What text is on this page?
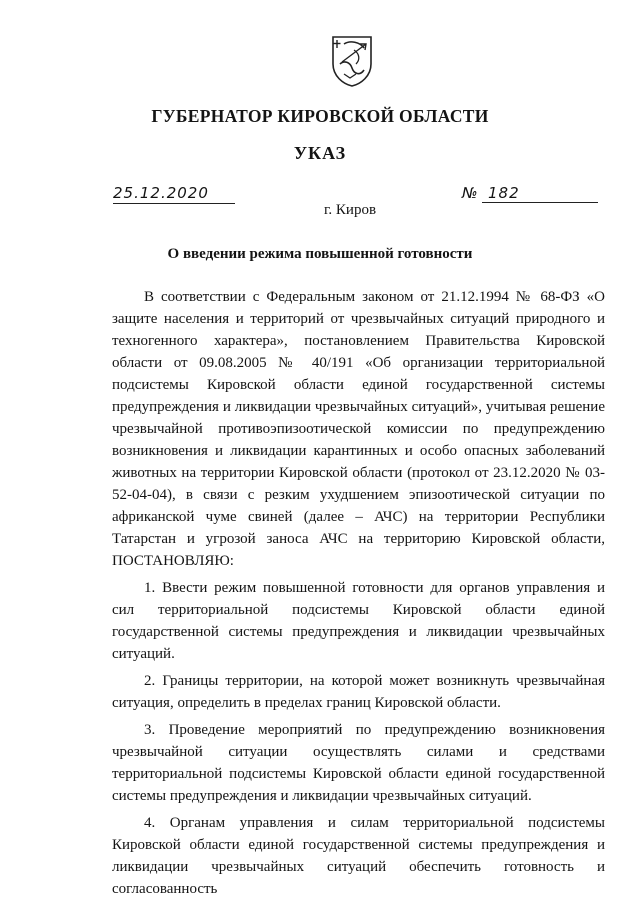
ГУБЕРНАТОР КИРОВСКОЙ ОБЛАСТИ
УКАЗ
25.12.2020	№ 182
г. Киров
О введении режима повышенной готовности

В соответствии с Федеральным законом от 21.12.1994 № 68-ФЗ «О защите населения и территорий от чрезвычайных ситуаций природного и техногенного характера», постановлением Правительства Кировской области от 09.08.2005 № 40/191 «Об организации территориальной подсистемы Кировской области единой государственной системы предупреждения и ликвидации чрезвычайных ситуаций», учитывая решение чрезвычайной противоэпизоотической комиссии по предупреждению возникновения и ликвидации карантинных и особо опасных заболеваний животных на территории Кировской области (протокол от 23.12.2020 № 03-52-04-04), в связи с резким ухудшением эпизоотической ситуации по африканской чуме свиней (далее – АЧС) на территории Республики Татарстан и угрозой заноса АЧС на территорию Кировской области, ПОСТАНОВЛЯЮ:

1. Ввести режим повышенной готовности для органов управления и сил территориальной подсистемы Кировской области единой государственной системы предупреждения и ликвидации чрезвычайных ситуаций.

2. Границы территории, на которой может возникнуть чрезвычайная ситуация, определить в пределах границ Кировской области.

3. Проведение мероприятий по предупреждению возникновения чрезвычайной ситуации осуществлять силами и средствами территориальной подсистемы Кировской области единой государственной системы предупреждения и ликвидации чрезвычайных ситуаций.

4. Органам управления и силам территориальной подсистемы Кировской области единой государственной системы предупреждения и ликвидации чрезвычайных ситуаций обеспечить готовность и согласованность
